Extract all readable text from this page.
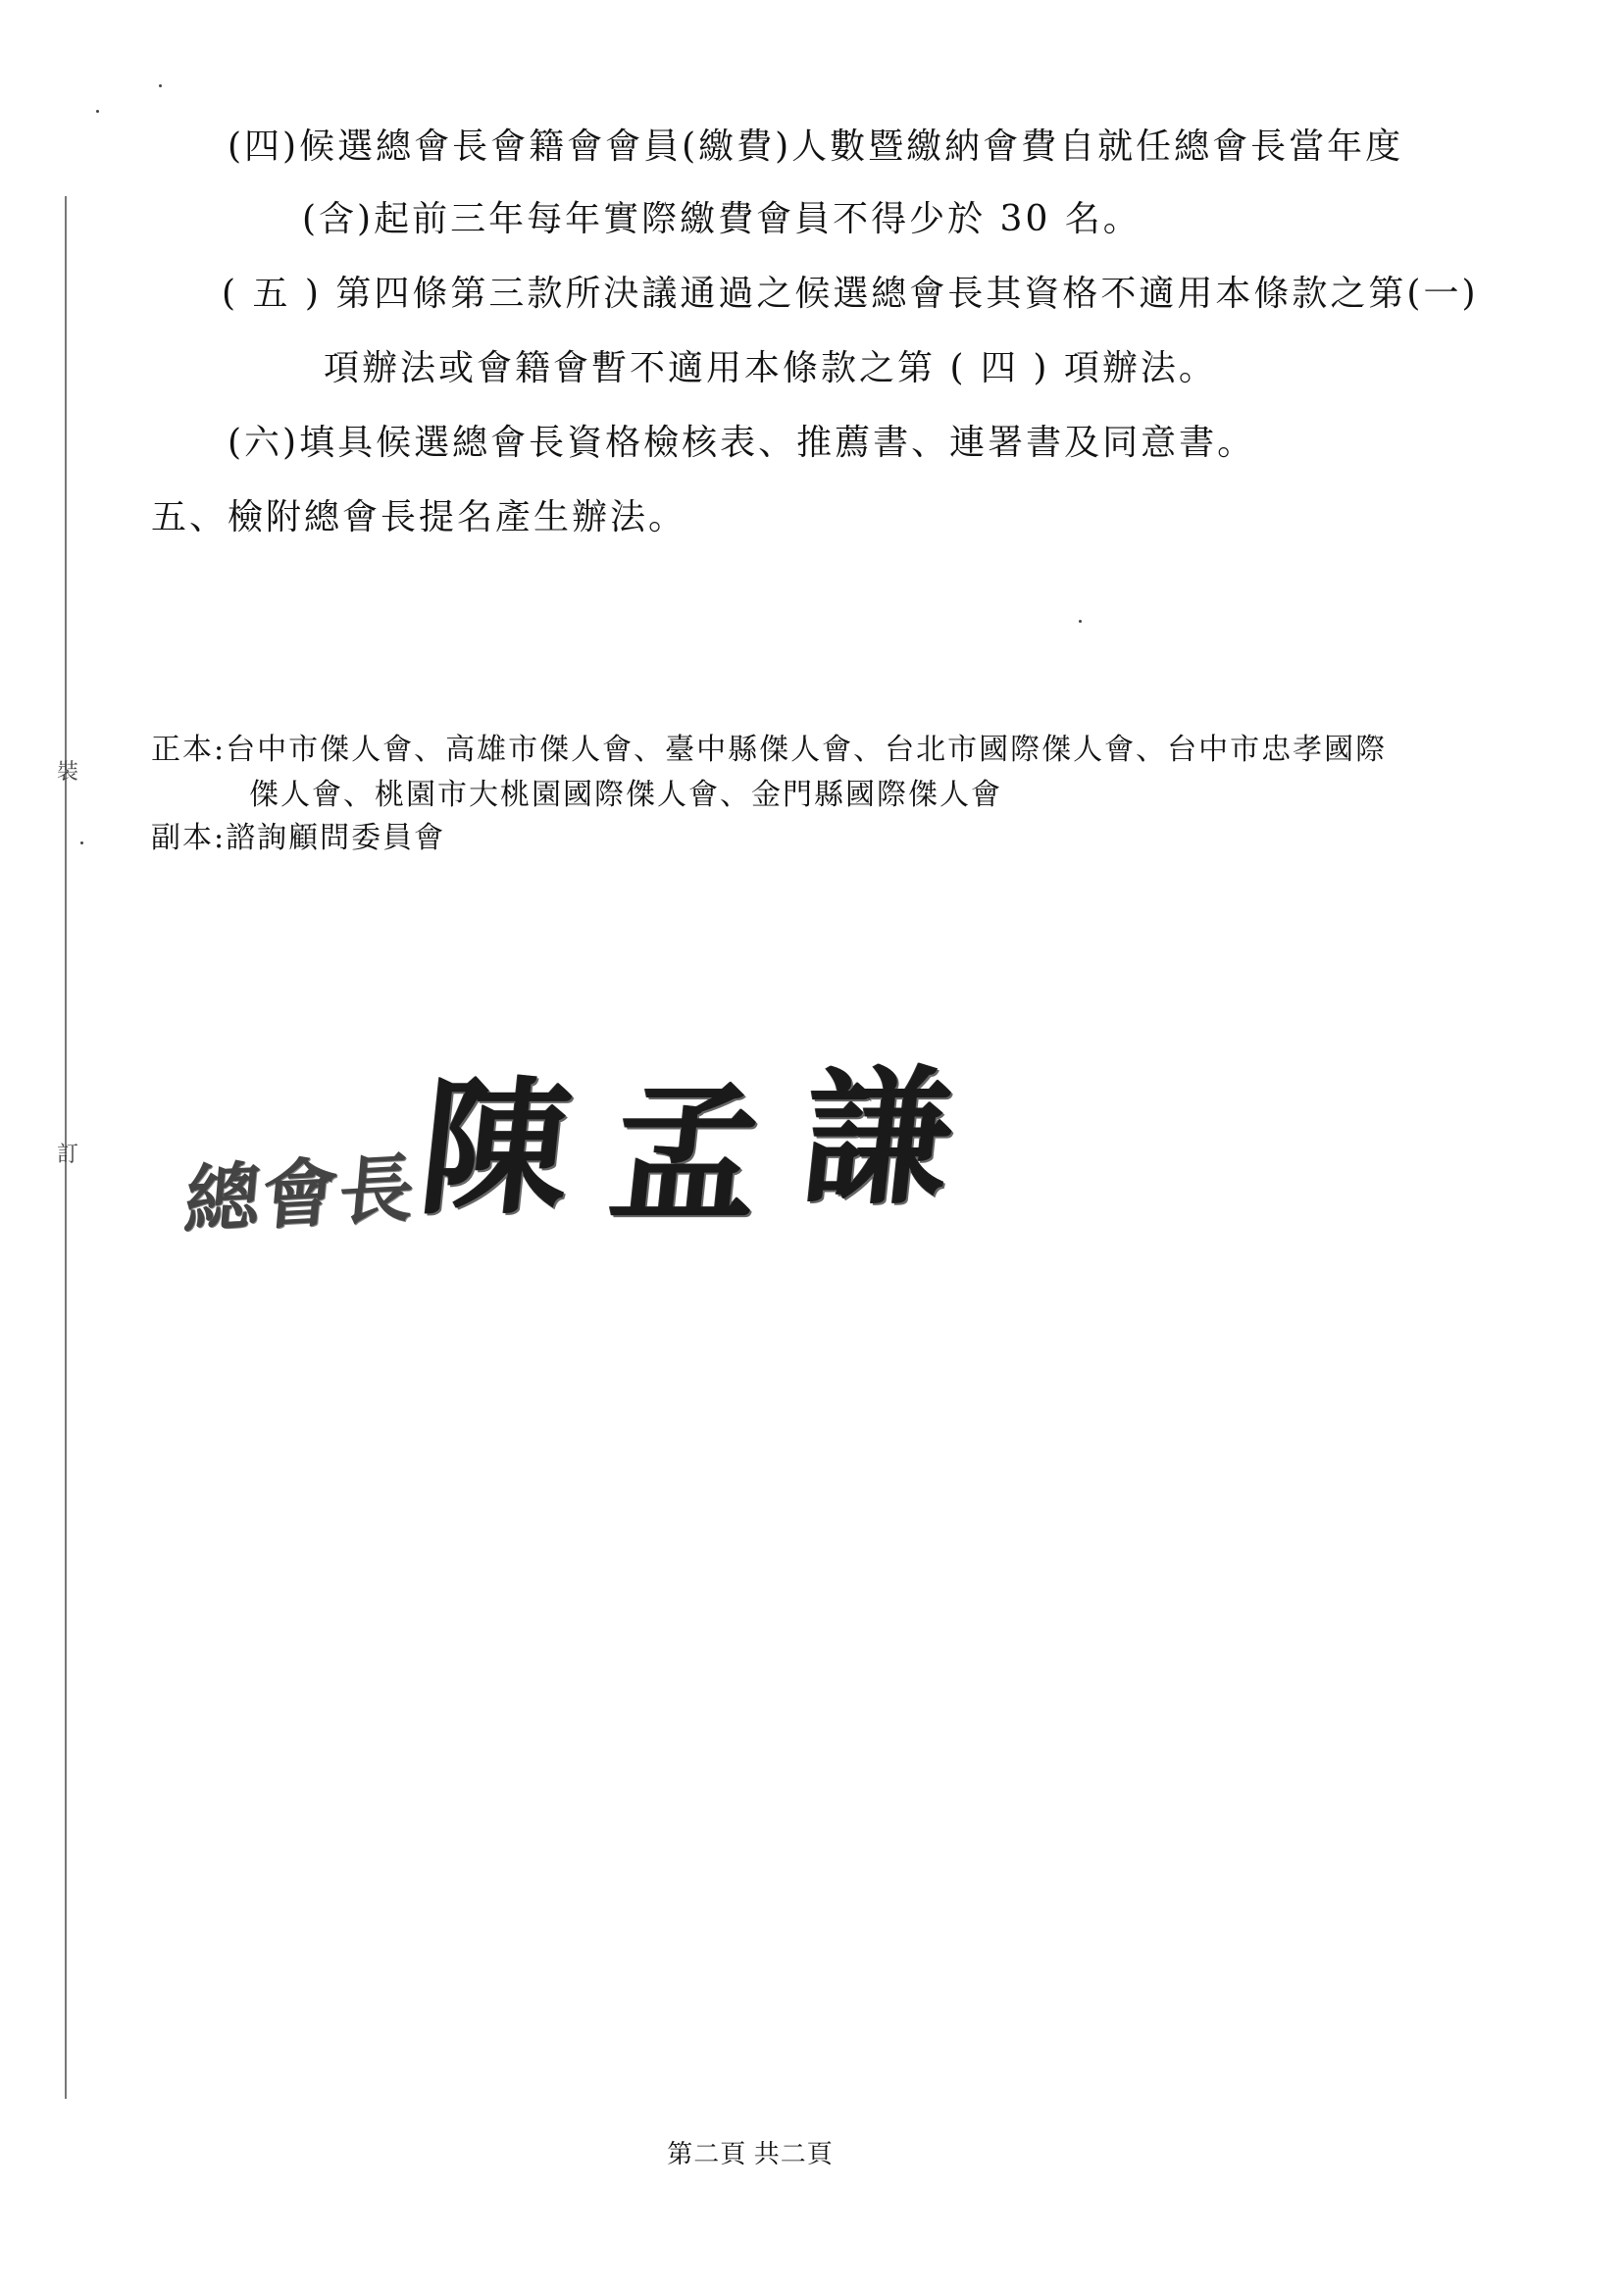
裝
訂
(四)候選總會長會籍會會員(繳費)人數暨繳納會費自就任總會長當年度
(含)起前三年每年實際繳費會員不得少於 30 名。
( 五 ) 第四條第三款所決議通過之候選總會長其資格不適用本條款之第(一)
項辦法或會籍會暫不適用本條款之第 ( 四 ) 項辦法。
(六)填具候選總會長資格檢核表、推薦書、連署書及同意書。
五、檢附總會長提名產生辦法。
正本:台中市傑人會、高雄市傑人會、臺中縣傑人會、台北市國際傑人會、台中市忠孝國際
傑人會、桃園市大桃園國際傑人會、金門縣國際傑人會
副本:諮詢顧問委員會
總會長
陳 孟 謙
第二頁 共二頁
